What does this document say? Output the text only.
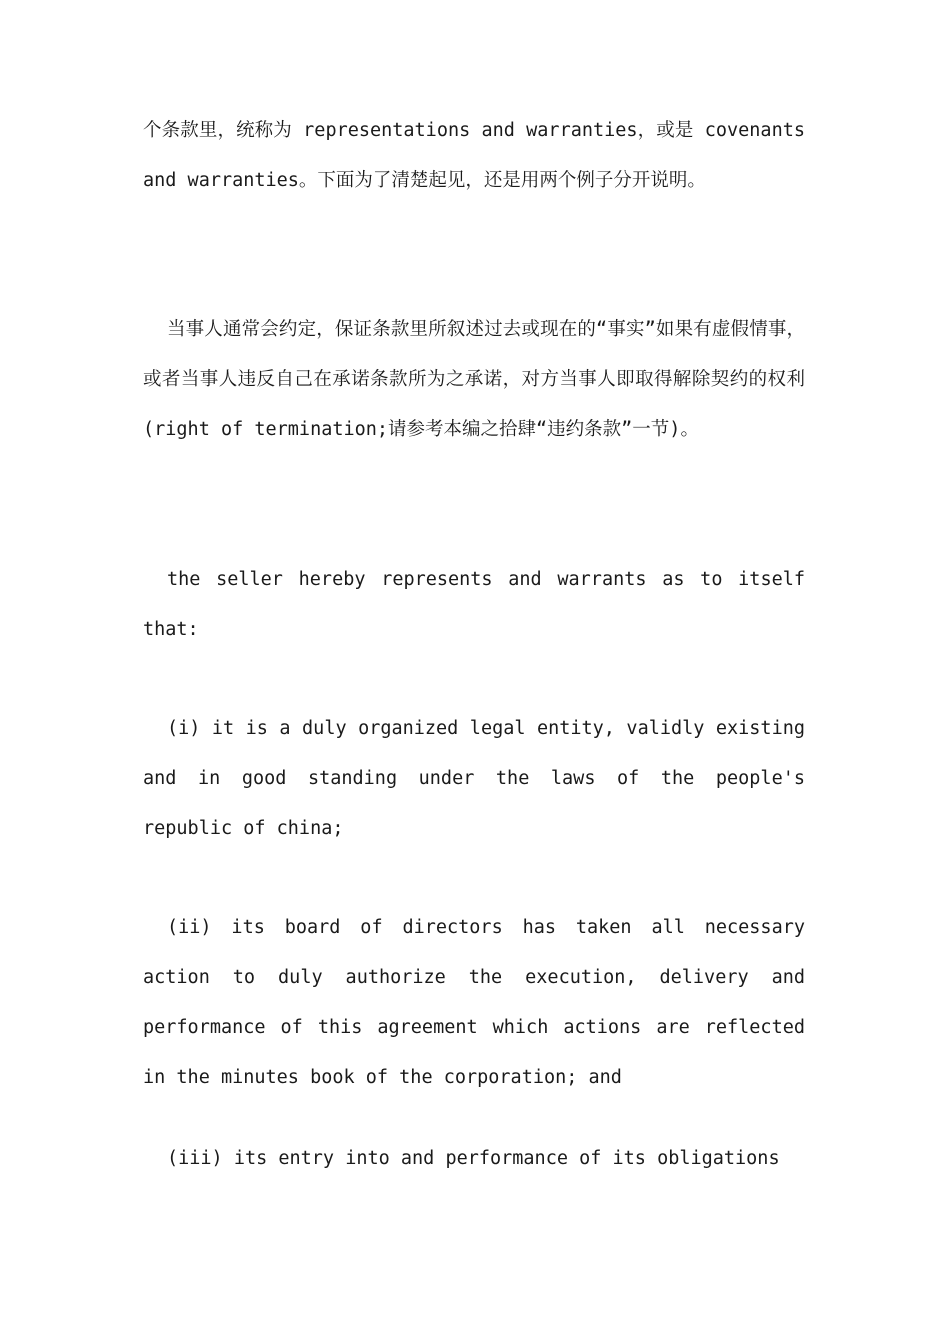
个条款里，统称为 representations and warranties，或是 covenants and warranties。下面为了清楚起见，还是用两个例子分开说明。

当事人通常会约定，保证条款里所叙述过去或现在的“事实”如果有虚假情事，或者当事人违反自己在承诺条款所为之承诺，对方当事人即取得解除契约的权利(right of termination;请参考本编之拾肆“违约条款”一节)。

the seller hereby represents and warrants as to itself that:

(i) it is a duly organized legal entity, validly existing and in good standing under the laws of the people's republic of china;

(ii) its board of directors has taken all necessary action to duly authorize the execution, delivery and performance of this agreement which actions are reflected in the minutes book of the corporation; and

(iii) its entry into and performance of its obligations
